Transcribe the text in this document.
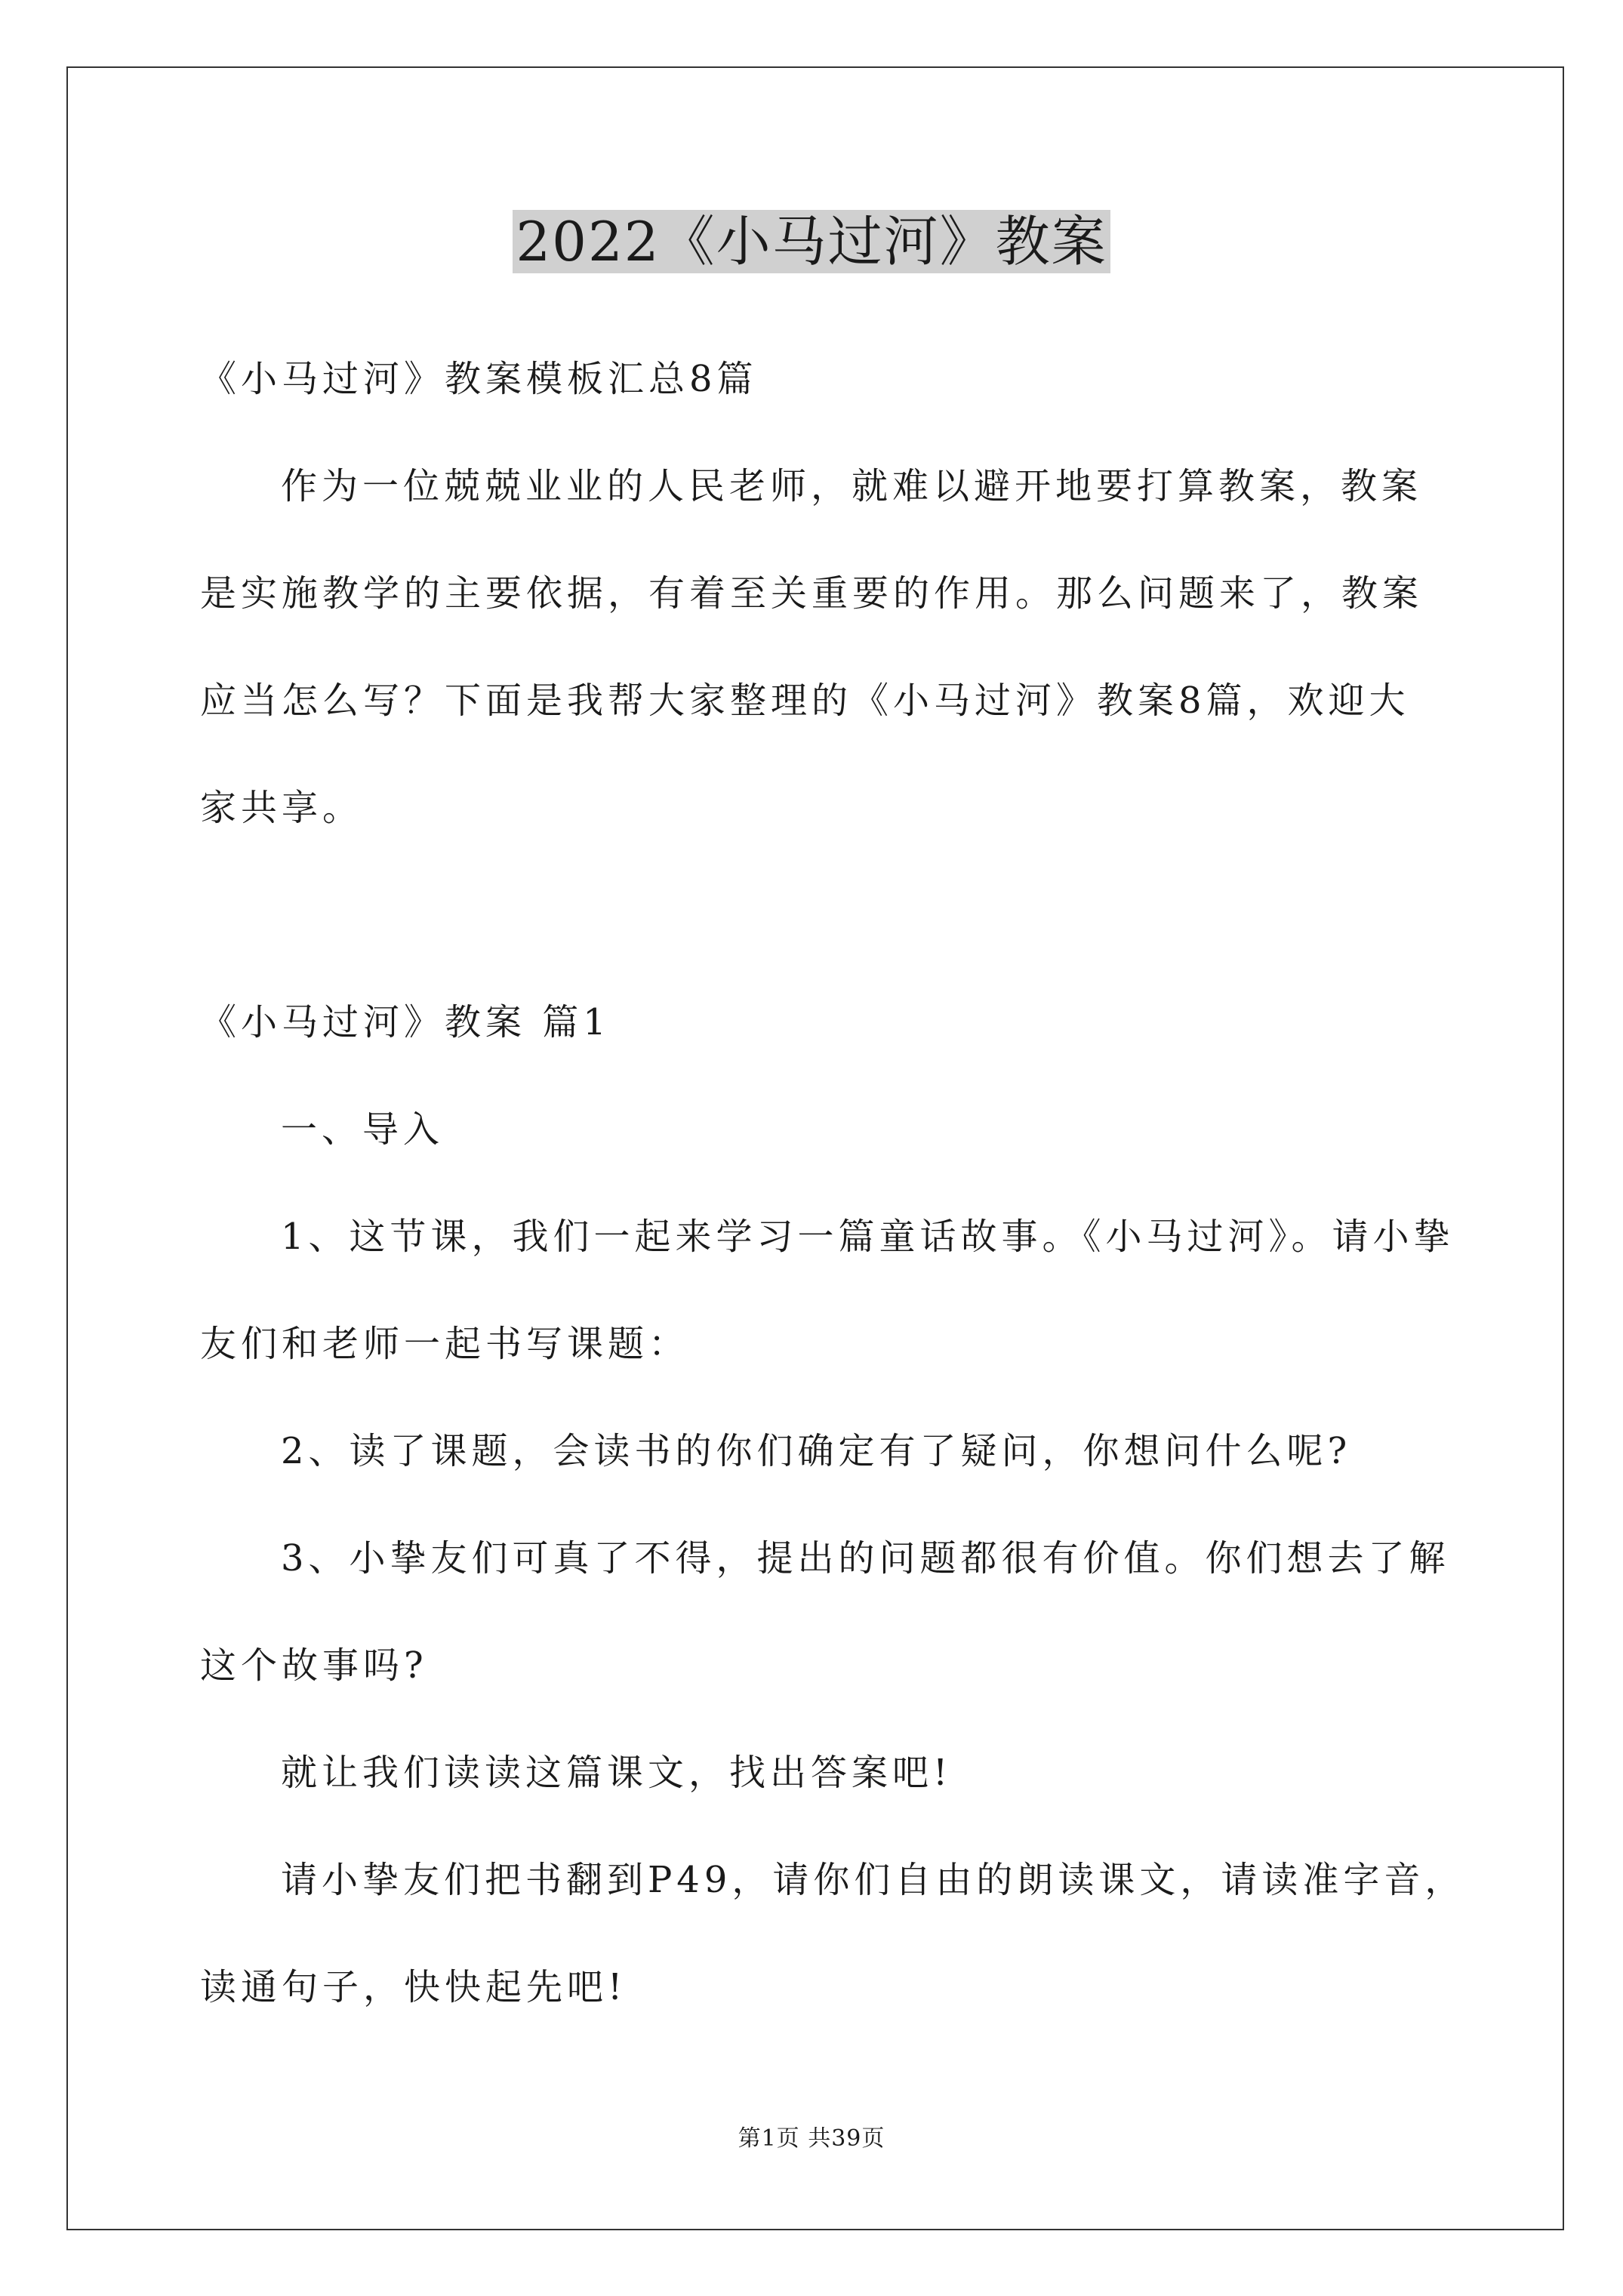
2022《小马过河》教案
《小马过河》教案模板汇总8篇
作为一位兢兢业业的人民老师，就难以避开地要打算教案，教案
是实施教学的主要依据，有着至关重要的作用。那么问题来了，教案
应当怎么写？下面是我帮大家整理的《小马过河》教案8篇，欢迎大
家共享。
《小马过河》教案 篇1
一、导入
1、这节课，我们一起来学习一篇童话故事。《小马过河》。请小挚
友们和老师一起书写课题：
2、读了课题，会读书的你们确定有了疑问，你想问什么呢?
3、小挚友们可真了不得，提出的问题都很有价值。你们想去了解
这个故事吗?
就让我们读读这篇课文，找出答案吧!
请小挚友们把书翻到P49，请你们自由的朗读课文，请读准字音，
读通句子，快快起先吧!
第1页 共39页
